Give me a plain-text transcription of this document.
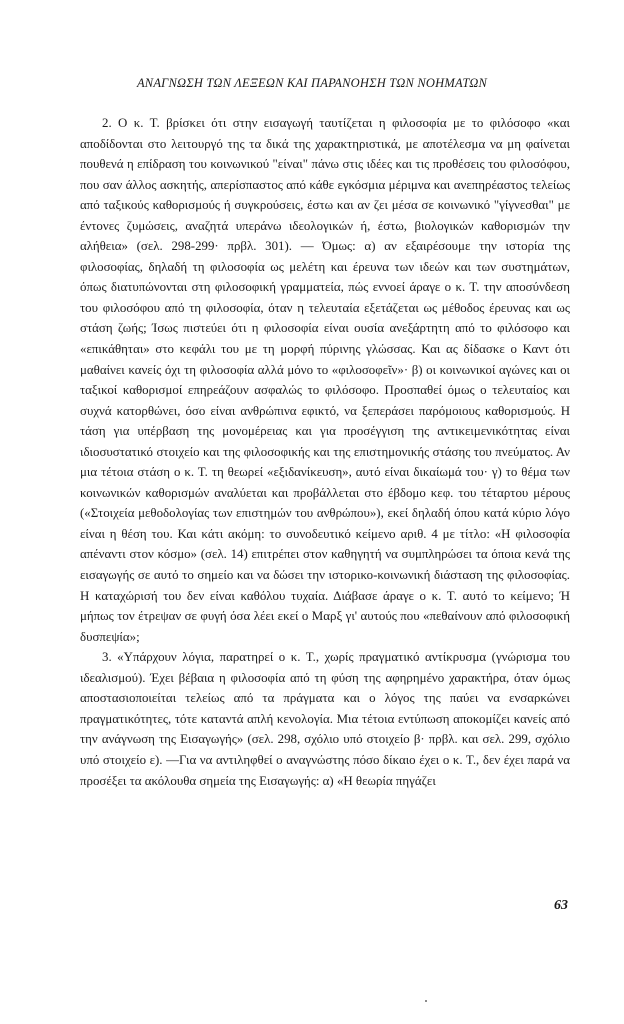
ΑΝΑΓΝΩΣΗ ΤΩΝ ΛΕΞΕΩΝ ΚΑΙ ΠΑΡΑΝΟΗΣΗ ΤΩΝ ΝΟΗΜΑΤΩΝ

2. Ο κ. Τ. βρίσκει ότι στην εισαγωγή ταυτίζεται η φιλοσοφία με το φιλόσοφο «και αποδίδονται στο λειτουργό της τα δικά της χαρακτηριστικά, με αποτέλεσμα να μη φαίνεται πουθενά η επίδραση του κοινωνικού "είναι" πάνω στις ιδέες και τις προθέσεις του φιλοσόφου, που σαν άλλος ασκητής, απερίσπαστος από κάθε εγκόσμια μέριμνα και ανεπηρέαστος τελείως από ταξικούς καθορισμούς ή συγκρούσεις, έστω και αν ζει μέσα σε κοινωνικό "γίγνεσθαι" με έντονες ζυμώσεις, αναζητά υπεράνω ιδεολογικών ή, έστω, βιολογικών καθορισμών την αλήθεια» (σελ. 298-299· πρβλ. 301). — Όμως: α) αν εξαιρέσουμε την ιστορία της φιλοσοφίας, δηλαδή τη φιλοσοφία ως μελέτη και έρευνα των ιδεών και των συστημάτων, όπως διατυπώνονται στη φιλοσοφική γραμματεία, πώς εννοεί άραγε ο κ. Τ. την αποσύνδεση του φιλοσόφου από τη φιλοσοφία, όταν η τελευταία εξετάζεται ως μέθοδος έρευνας και ως στάση ζωής; Ίσως πιστεύει ότι η φιλοσοφία είναι ουσία ανεξάρτητη από το φιλόσοφο και «επικάθηται» στο κεφάλι του με τη μορφή πύρινης γλώσσας. Και ας δίδασκε ο Καντ ότι μαθαίνει κανείς όχι τη φιλοσοφία αλλά μόνο το «φιλοσοφεῖν»· β) οι κοινωνικοί αγώνες και οι ταξικοί καθορισμοί επηρεάζουν ασφαλώς το φιλόσοφο. Προσπαθεί όμως ο τελευταίος και συχνά κατορθώνει, όσο είναι ανθρώπινα εφικτό, να ξεπεράσει παρόμοιους καθορισμούς. Η τάση για υπέρβαση της μονομέρειας και για προσέγγιση της αντικειμενικότητας είναι ιδιοσυστατικό στοιχείο και της φιλοσοφικής και της επιστημονικής στάσης του πνεύματος. Αν μια τέτοια στάση ο κ. Τ. τη θεωρεί «εξιδανίκευση», αυτό είναι δικαίωμά του· γ) το θέμα των κοινωνικών καθορισμών αναλύεται και προβάλλεται στο έβδομο κεφ. του τέταρτου μέρους («Στοιχεία μεθοδολογίας των επιστημών του ανθρώπου»), εκεί δηλαδή όπου κατά κύριο λόγο είναι η θέση του. Και κάτι ακόμη: το συνοδευτικό κείμενο αριθ. 4 με τίτλο: «Η φιλοσοφία απέναντι στον κόσμο» (σελ. 14) επιτρέπει στον καθηγητή να συμπληρώσει τα όποια κενά της εισαγωγής σε αυτό το σημείο και να δώσει την ιστορικο-κοινωνική διάσταση της φιλοσοφίας. Η καταχώρισή του δεν είναι καθόλου τυχαία. Διάβασε άραγε ο κ. Τ. αυτό το κείμενο; Ή μήπως τον έτρεψαν σε φυγή όσα λέει εκεί ο Μαρξ γι' αυτούς που «πεθαίνουν από φιλοσοφική δυσπεψία»;

3. «Υπάρχουν λόγια, παρατηρεί ο κ. Τ., χωρίς πραγματικό αντίκρυσμα (γνώρισμα του ιδεαλισμού). Έχει βέβαια η φιλοσοφία από τη φύση της αφηρημένο χαρακτήρα, όταν όμως αποστασιοποιείται τελείως από τα πράγματα και ο λόγος της παύει να ενσαρκώνει πραγματικότητες, τότε καταντά απλή κενολογία. Μια τέτοια εντύπωση αποκομίζει κανείς από την ανάγνωση της Εισαγωγής» (σελ. 298, σχόλιο υπό στοιχείο β· πρβλ. και σελ. 299, σχόλιο υπό στοιχείο ε). —Για να αντιληφθεί ο αναγνώστης πόσο δίκαιο έχει ο κ. Τ., δεν έχει παρά να προσέξει τα ακόλουθα σημεία της Εισαγωγής: α) «Η θεωρία πηγάζει

63
